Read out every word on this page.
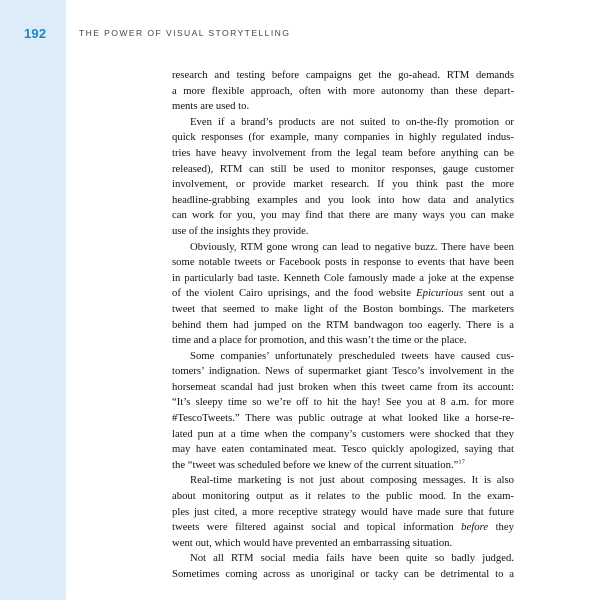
192	THE POWER OF VISUAL STORYTELLING

research and testing before campaigns get the go-ahead. RTM demands
a more flexible approach, often with more autonomy than these depart-
ments are used to.

Even if a brand’s products are not suited to on-the-fly promotion or
quick responses (for example, many companies in highly regulated indus-
tries have heavy involvement from the legal team before anything can be
released), RTM can still be used to monitor responses, gauge customer
involvement, or provide market research. If you think past the more
headline-grabbing examples and you look into how data and analytics
can work for you, you may find that there are many ways you can make
use of the insights they provide.

Obviously, RTM gone wrong can lead to negative buzz. There have been
some notable tweets or Facebook posts in response to events that have been
in particularly bad taste. Kenneth Cole famously made a joke at the expense
of the violent Cairo uprisings, and the food website Epicurious sent out a
tweet that seemed to make light of the Boston bombings. The marketers
behind them had jumped on the RTM bandwagon too eagerly. There is a
time and a place for promotion, and this wasn’t the time or the place.

Some companies’ unfortunately prescheduled tweets have caused cus-
tomers’ indignation. News of supermarket giant Tesco’s involvement in the
horsemeat scandal had just broken when this tweet came from its account:
“It’s sleepy time so we’re off to hit the hay! See you at 8 a.m. for more
#TescoTweets.” There was public outrage at what looked like a horse-re-
lated pun at a time when the company’s customers were shocked that they
may have eaten contaminated meat. Tesco quickly apologized, saying that
the “tweet was scheduled before we knew of the current situation.”$^{17}$

Real-time marketing is not just about composing messages. It is also
about monitoring output as it relates to the public mood. In the exam-
ples just cited, a more receptive strategy would have made sure that future
tweets were filtered against social and topical information before they
went out, which would have prevented an embarrassing situation.

Not all RTM social media fails have been quite so badly judged.
Sometimes coming across as unoriginal or tacky can be detrimental to a
